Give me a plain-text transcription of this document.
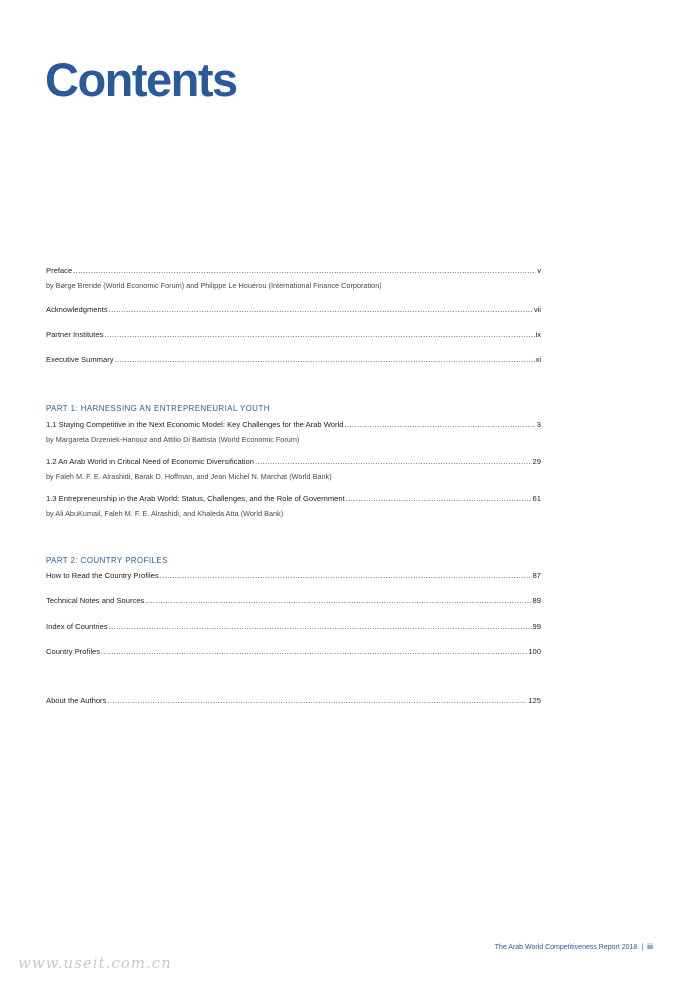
Contents
Preface .....	v
by Børge Brende (World Economic Forum) and Philippe Le Houérou (International Finance Corporation)
Acknowledgments .....	vii
Partner Institutes .....	ix
Executive Summary .....	xi
PART 1: HARNESSING AN ENTREPRENEURIAL YOUTH
1.1 Staying Competitive in the Next Economic Model: Key Challenges for the Arab World .....	3
by Margareta Drzeniek-Hanouz and Attilio Di Battista (World Economic Forum)
1.2 An Arab World in Critical Need of Economic Diversification .....	29
by Faleh M. F. E. Alrashidi, Barak D. Hoffman, and Jean Michel N. Marchat (World Bank)
1.3 Entrepreneurship in the Arab World: Status, Challenges, and the Role of Government .....	61
by Ali AbuKumail, Faleh M. F. E. Alrashidi, and Khaleda Atta (World Bank)
PART 2: COUNTRY PROFILES
How to Read the Country Profiles .....	87
Technical Notes and Sources .....	89
Index of Countries .....	99
Country Profiles .....	100
About the Authors .....	125
The Arab World Competitiveness Report 2018 | iii
www.useit.com.cn
